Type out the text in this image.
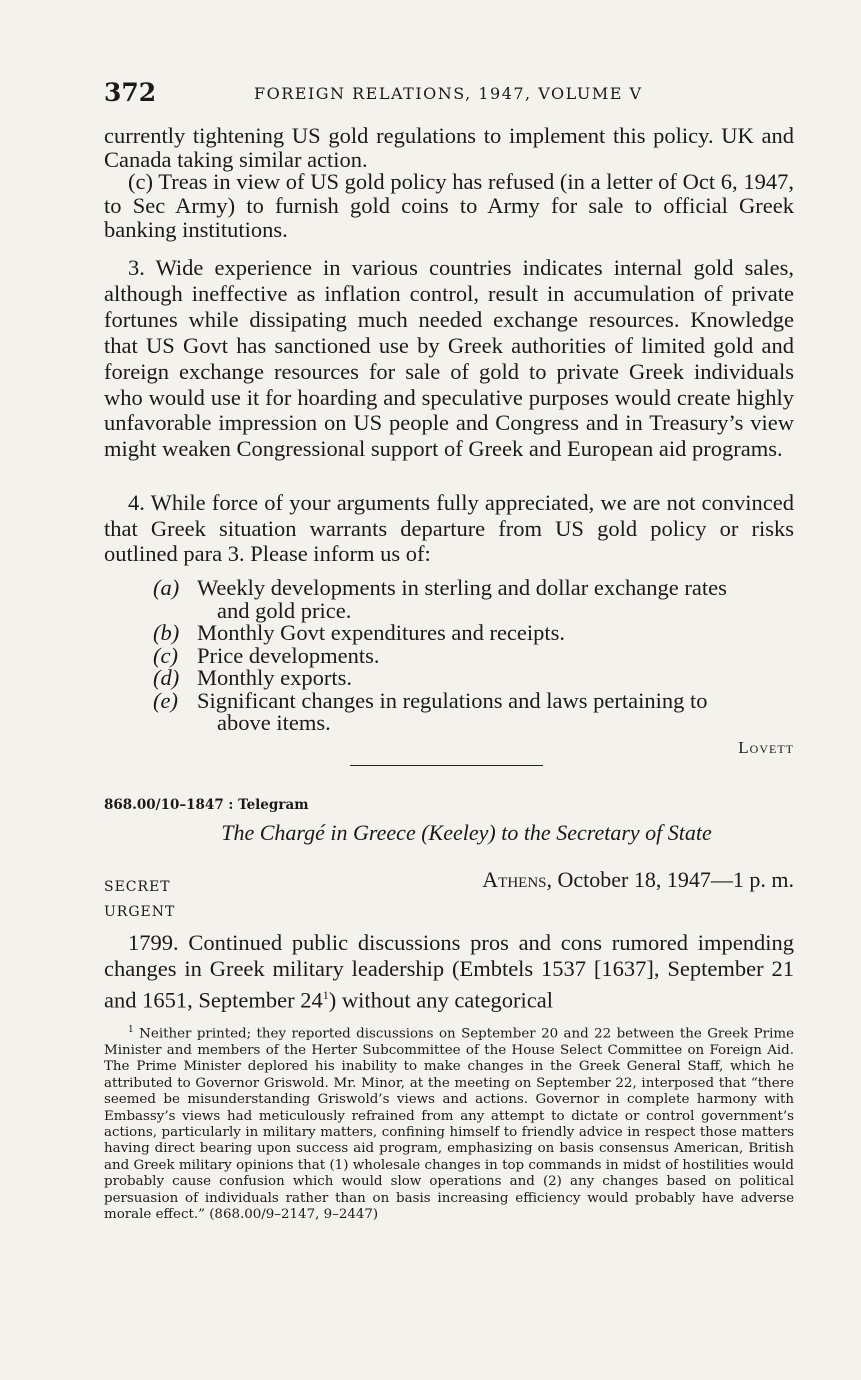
372	FOREIGN RELATIONS, 1947, VOLUME V
currently tightening US gold regulations to implement this policy. UK and Canada taking similar action.
(c) Treas in view of US gold policy has refused (in a letter of Oct 6, 1947, to Sec Army) to furnish gold coins to Army for sale to official Greek banking institutions.
3. Wide experience in various countries indicates internal gold sales, although ineffective as inflation control, result in accumulation of private fortunes while dissipating much needed exchange resources. Knowledge that US Govt has sanctioned use by Greek authorities of limited gold and foreign exchange resources for sale of gold to private Greek individuals who would use it for hoarding and speculative purposes would create highly unfavorable impression on US people and Congress and in Treasury’s view might weaken Congressional support of Greek and European aid programs.
4. While force of your arguments fully appreciated, we are not convinced that Greek situation warrants departure from US gold policy or risks outlined para 3. Please inform us of:
(a) Weekly developments in sterling and dollar exchange rates
and gold price.
(b) Monthly Govt expenditures and receipts.
(c) Price developments.
(d) Monthly exports.
(e) Significant changes in regulations and laws pertaining to
above items.
Lovett
868.00/10–1847 : Telegram
The Chargé in Greece (Keeley) to the Secretary of State
SECRET
URGENT
Athens, October 18, 1947—1 p. m.
1799. Continued public discussions pros and cons rumored impending changes in Greek military leadership (Embtels 1537 [1637], September 21 and 1651, September $24^1$) without any categorical
$^1$ Neither printed; they reported discussions on September 20 and 22 between the Greek Prime Minister and members of the Herter Subcommittee of the House Select Committee on Foreign Aid. The Prime Minister deplored his inability to make changes in the Greek General Staff, which he attributed to Governor Griswold. Mr. Minor, at the meeting on September 22, interposed that “there seemed be misunderstanding Griswold’s views and actions. Governor in complete harmony with Embassy’s views had meticulously refrained from any attempt to dictate or control government’s actions, particularly in military matters, confining himself to friendly advice in respect those matters having direct bearing upon success aid program, emphasizing on basis consensus American, British and Greek military opinions that (1) wholesale changes in top commands in midst of hostilities would probably cause confusion which would slow operations and (2) any changes based on political persuasion of individuals rather than on basis increasing efficiency would probably have adverse morale effect.” (868.00/9–2147, 9–2447)
